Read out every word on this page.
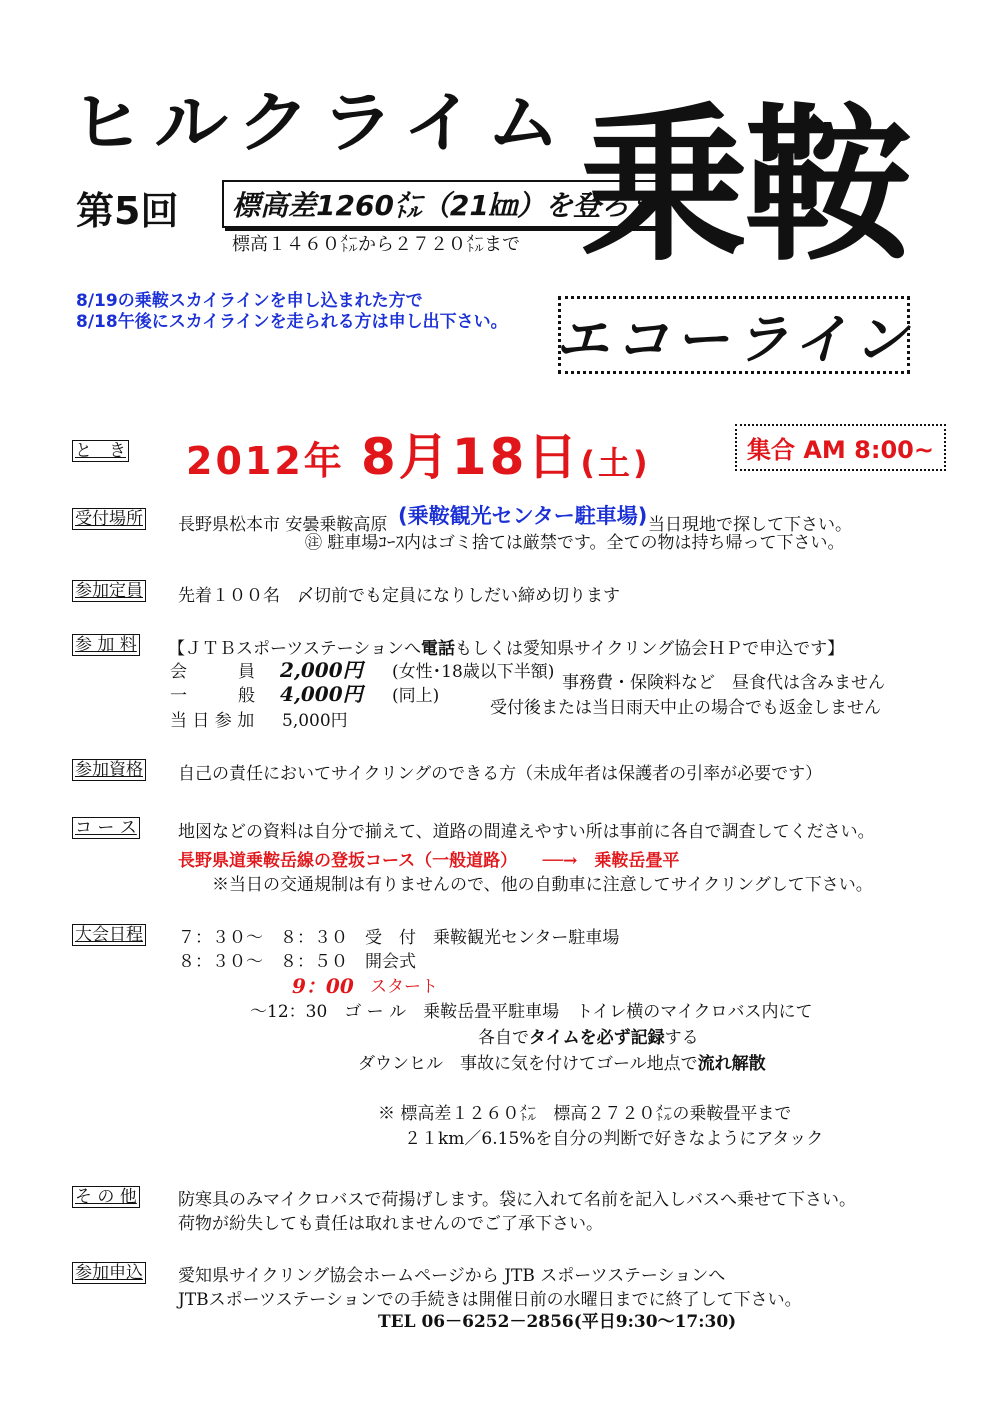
ヒルクライム
第5回	標高差1260㍍（21㎞）を登ろう
標高１４６０㍍から２７２０㍍まで 乗鞍
エコーライン
8/19の乗鞍スカイラインを申し込まれた方で
8/18午後にスカイラインを走られる方は申し出下さい。
と　き 2012年 8月18日(土)	集合 AM 8:00~
受付場所 長野県松本市 安曇乗鞍高原 (乗鞍観光センター駐車場) 当日現地で探して下さい。
㊟ 駐車場ｺｰｽ内はゴミ捨ては厳禁です。全ての物は持ち帰って下さい。
参加定員 先着１００名　〆切前でも定員になりしだい締め切ります
参 加 料 【ＪＴＢスポーツステーションへ電話もしくは愛知県サイクリング協会ＨＰで申込です】
会　　　員 2,000円 (女性･18歳以下半額)
一　　　般 4,000円 (同上)
当 日 参 加 5,000円
事務費・保険料など　昼食代は含みません
受付後または当日雨天中止の場合でも返金しません
参加資格 自己の責任においてサイクリングのできる方（未成年者は保護者の引率が必要です）
コ ー ス 地図などの資料は自分で揃えて、道路の間違えやすい所は事前に各自で調査してください。
長野県道乗鞍岳線の登坂コース（一般道路）　　──→　乗鞍岳畳平
※当日の交通規制は有りませんので、他の自動車に注意してサイクリングして下さい。
大会日程 ７：３０～　８：３０　受　付　乗鞍観光センター駐車場
８：３０～　８：５０　開会式
9：00 スタート
～12：30　ゴ ー ル　乗鞍岳畳平駐車場　トイレ横のマイクロバス内にて
各自でタイムを必ず記録する
ダウンヒル　事故に気を付けてゴール地点で流れ解散
※ 標高差１２６０㍍　標高２７２０㍍の乗鞍畳平まで
２１km／6.15%を自分の判断で好きなようにアタック
そ の 他 防寒具のみマイクロバスで荷揚げします。袋に入れて名前を記入しバスへ乗せて下さい。
荷物が紛失しても責任は取れませんのでご了承下さい。
参加申込 愛知県サイクリング協会ホームページから JTB スポーツステーションへ
JTBスポーツステーションでの手続きは開催日前の水曜日までに終了して下さい。
TEL 06－6252－2856(平日9:30～17:30)
